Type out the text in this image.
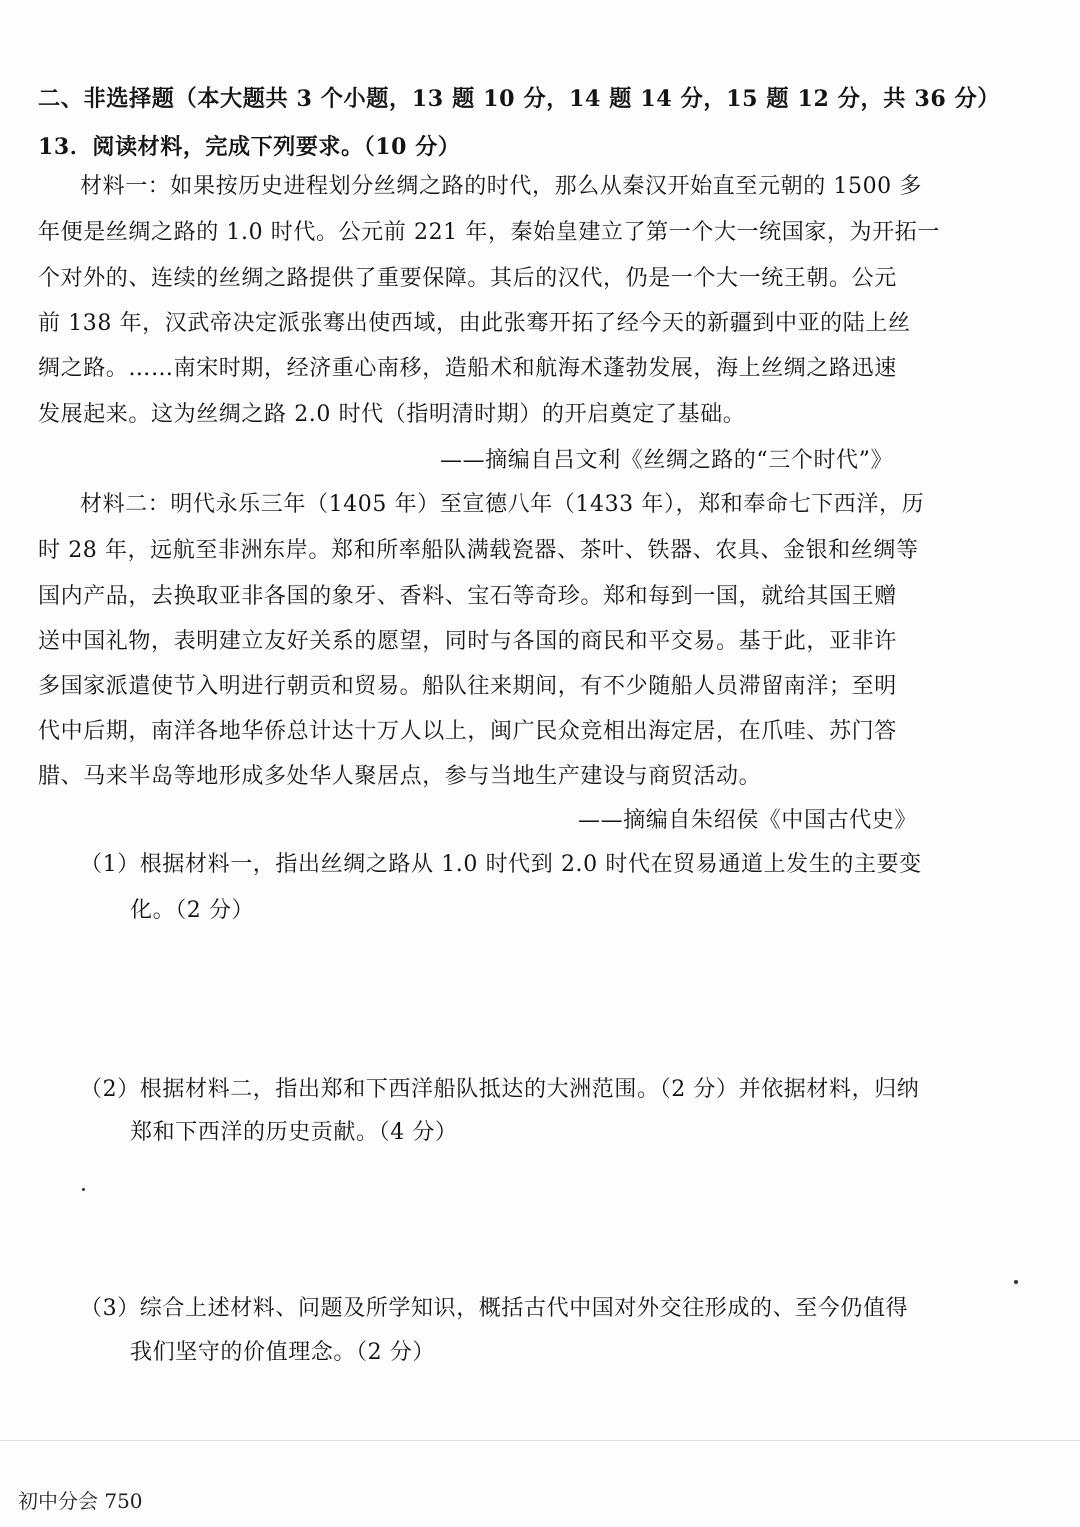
二、非选择题（本大题共 3 个小题，13 题 10 分，14 题 14 分，15 题 12 分，共 36 分）
13．阅读材料，完成下列要求。（10 分）
材料一：如果按历史进程划分丝绸之路的时代，那么从秦汉开始直至元朝的 1500 多
年便是丝绸之路的 1.0 时代。公元前 221 年，秦始皇建立了第一个大一统国家，为开拓一
个对外的、连续的丝绸之路提供了重要保障。其后的汉代，仍是一个大一统王朝。公元
前 138 年，汉武帝决定派张骞出使西域，由此张骞开拓了经今天的新疆到中亚的陆上丝
绸之路。……南宋时期，经济重心南移，造船术和航海术蓬勃发展，海上丝绸之路迅速
发展起来。这为丝绸之路 2.0 时代（指明清时期）的开启奠定了基础。
——摘编自吕文利《丝绸之路的“三个时代”》
材料二：明代永乐三年（1405 年）至宣德八年（1433 年），郑和奉命七下西洋，历
时 28 年，远航至非洲东岸。郑和所率船队满载瓷器、茶叶、铁器、农具、金银和丝绸等
国内产品，去换取亚非各国的象牙、香料、宝石等奇珍。郑和每到一国，就给其国王赠
送中国礼物，表明建立友好关系的愿望，同时与各国的商民和平交易。基于此，亚非许
多国家派遣使节入明进行朝贡和贸易。船队往来期间，有不少随船人员滞留南洋；至明
代中后期，南洋各地华侨总计达十万人以上，闽广民众竞相出海定居，在爪哇、苏门答
腊、马来半岛等地形成多处华人聚居点，参与当地生产建设与商贸活动。
——摘编自朱绍侯《中国古代史》
（1）根据材料一，指出丝绸之路从 1.0 时代到 2.0 时代在贸易通道上发生的主要变
化。（2 分）
（2）根据材料二，指出郑和下西洋船队抵达的大洲范围。（2 分）并依据材料，归纳
郑和下西洋的历史贡献。（4 分）
（3）综合上述材料、问题及所学知识，概括古代中国对外交往形成的、至今仍值得
我们坚守的价值理念。（2 分）
初中分会 750
